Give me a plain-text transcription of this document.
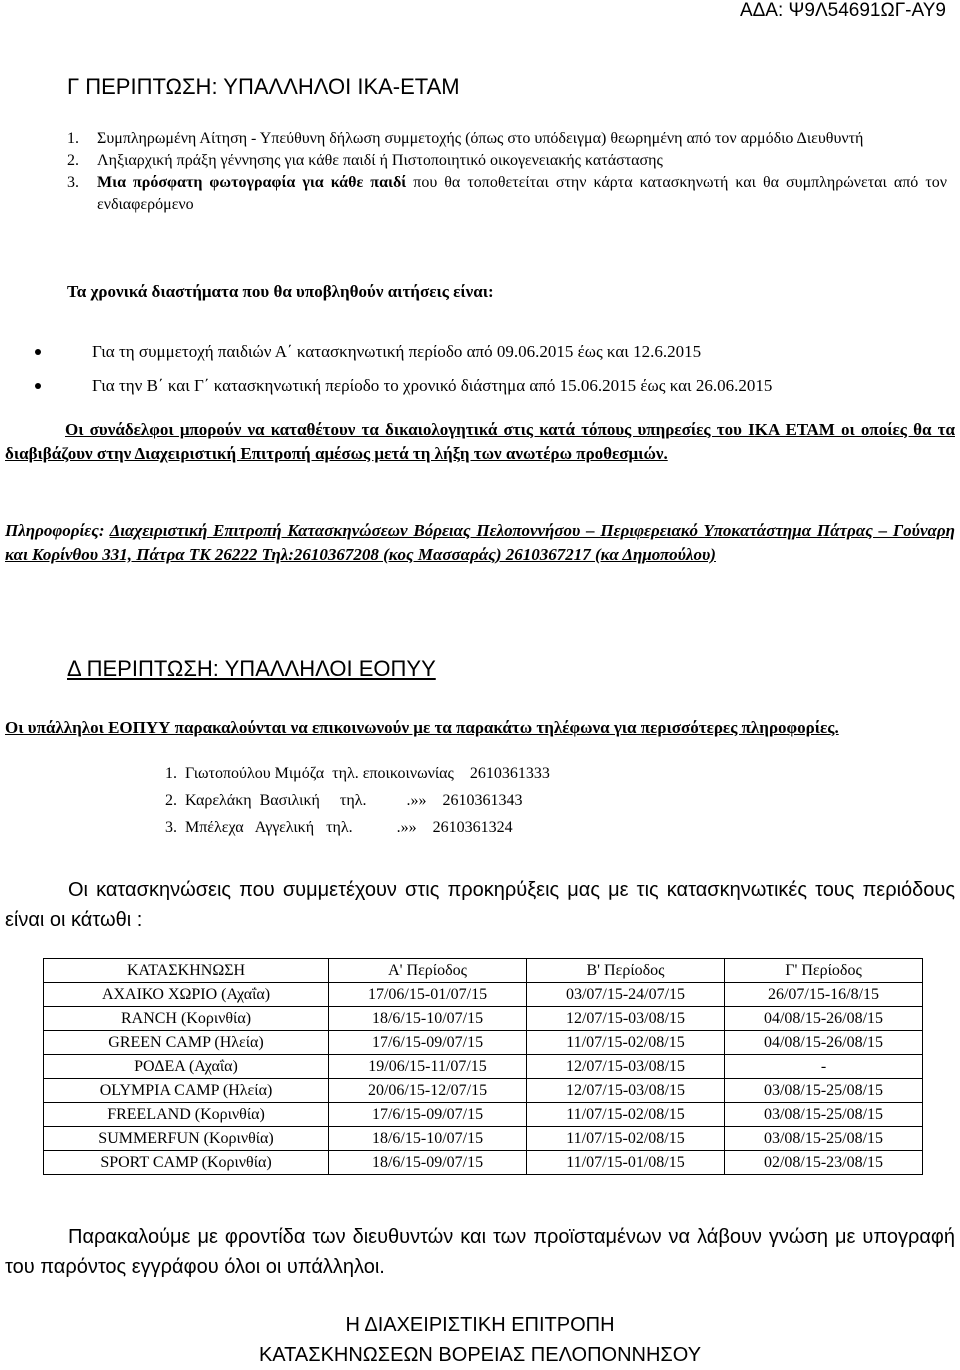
ΑΔΑ: Ψ9Λ54691ΩΓ-ΑΥ9
Γ ΠΕΡΙΠΤΩΣΗ: ΥΠΑΛΛΗΛΟΙ ΙΚΑ-ΕΤΑΜ
1. Συμπληρωμένη Αίτηση - Υπεύθυνη δήλωση συμμετοχής (όπως στο υπόδειγμα) θεωρημένη από τον αρμόδιο Διευθυντή
2. Ληξιαρχική πράξη γέννησης για κάθε παιδί ή Πιστοποιητικό οικογενειακής κατάστασης
3. Μια πρόσφατη φωτογραφία για κάθε παιδί που θα τοποθετείται στην κάρτα κατασκηνωτή και θα συμπληρώνεται από τον ενδιαφερόμενο
Τα χρονικά διαστήματα που θα υποβληθούν αιτήσεις είναι:
Για τη συμμετοχή παιδιών Α΄ κατασκηνωτική περίοδο από 09.06.2015 έως και 12.6.2015
Για την Β΄ και Γ΄ κατασκηνωτική περίοδο το χρονικό διάστημα από 15.06.2015 έως και 26.06.2015
Οι συνάδελφοι μπορούν να καταθέτουν τα δικαιολογητικά στις κατά τόπους υπηρεσίες του ΙΚΑ ΕΤΑΜ οι οποίες θα τα διαβιβάζουν στην Διαχειριστική Επιτροπή αμέσως μετά τη λήξη των ανωτέρω προθεσμιών.
Πληροφορίες: Διαχειριστική Επιτροπή Κατασκηνώσεων Βόρειας Πελοποννήσου – Περιφερειακό Υποκατάστημα Πάτρας – Γούναρη και Κορίνθου 331, Πάτρα ΤΚ 26222 Τηλ:2610367208 (κος Μασσαράς) 2610367217 (κα Δημοπούλου)
Δ ΠΕΡΙΠΤΩΣΗ: ΥΠΑΛΛΗΛΟΙ ΕΟΠΥΥ
Οι υπάλληλοι ΕΟΠΥΥ παρακαλούνται να επικοινωνούν με τα παρακάτω τηλέφωνα για περισσότερες πληροφορίες.
1.  Γιωτοπούλου Μιμόζα  τηλ. εποικοινωνίας    2610361333
2.  Καρελάκη  Βασιλική     τηλ.          .»»    2610361343
3.  Μπέλεχα   Αγγελική   τηλ.           .»»    2610361324
Οι κατασκηνώσεις που συμμετέχουν στις προκηρύξεις μας με τις κατασκηνωτικές τους περιόδους είναι οι κάτωθι :
ΚΑΤΑΣΚΗΝΩΣΗ	Α' Περίοδος	Β' Περίοδος	Γ' Περίοδος
ΑΧΑΙΚΟ ΧΩΡΙΟ (Αχαΐα)	17/06/15-01/07/15	03/07/15-24/07/15	26/07/15-16/8/15
RANCH (Κορινθία)	18/6/15-10/07/15	12/07/15-03/08/15	04/08/15-26/08/15
GREEN CAMP (Ηλεία)	17/6/15-09/07/15	11/07/15-02/08/15	04/08/15-26/08/15
ΡΟΔΕΑ (Αχαΐα)	19/06/15-11/07/15	12/07/15-03/08/15	-
OLYMPIA CAMP (Ηλεία)	20/06/15-12/07/15	12/07/15-03/08/15	03/08/15-25/08/15
FREELAND (Κορινθία)	17/6/15-09/07/15	11/07/15-02/08/15	03/08/15-25/08/15
SUMMERFUN (Κορινθία)	18/6/15-10/07/15	11/07/15-02/08/15	03/08/15-25/08/15
SPORT CAMP (Κορινθία)	18/6/15-09/07/15	11/07/15-01/08/15	02/08/15-23/08/15
Παρακαλούμε με φροντίδα των διευθυντών και των προϊσταμένων να λάβουν γνώση με υπογραφή του παρόντος εγγράφου όλοι οι υπάλληλοι.
Η ΔΙΑΧΕΙΡΙΣΤΙΚΗ ΕΠΙΤΡΟΠΗ
ΚΑΤΑΣΚΗΝΩΣΕΩΝ ΒΟΡΕΙΑΣ ΠΕΛΟΠΟΝΝΗΣΟΥ
